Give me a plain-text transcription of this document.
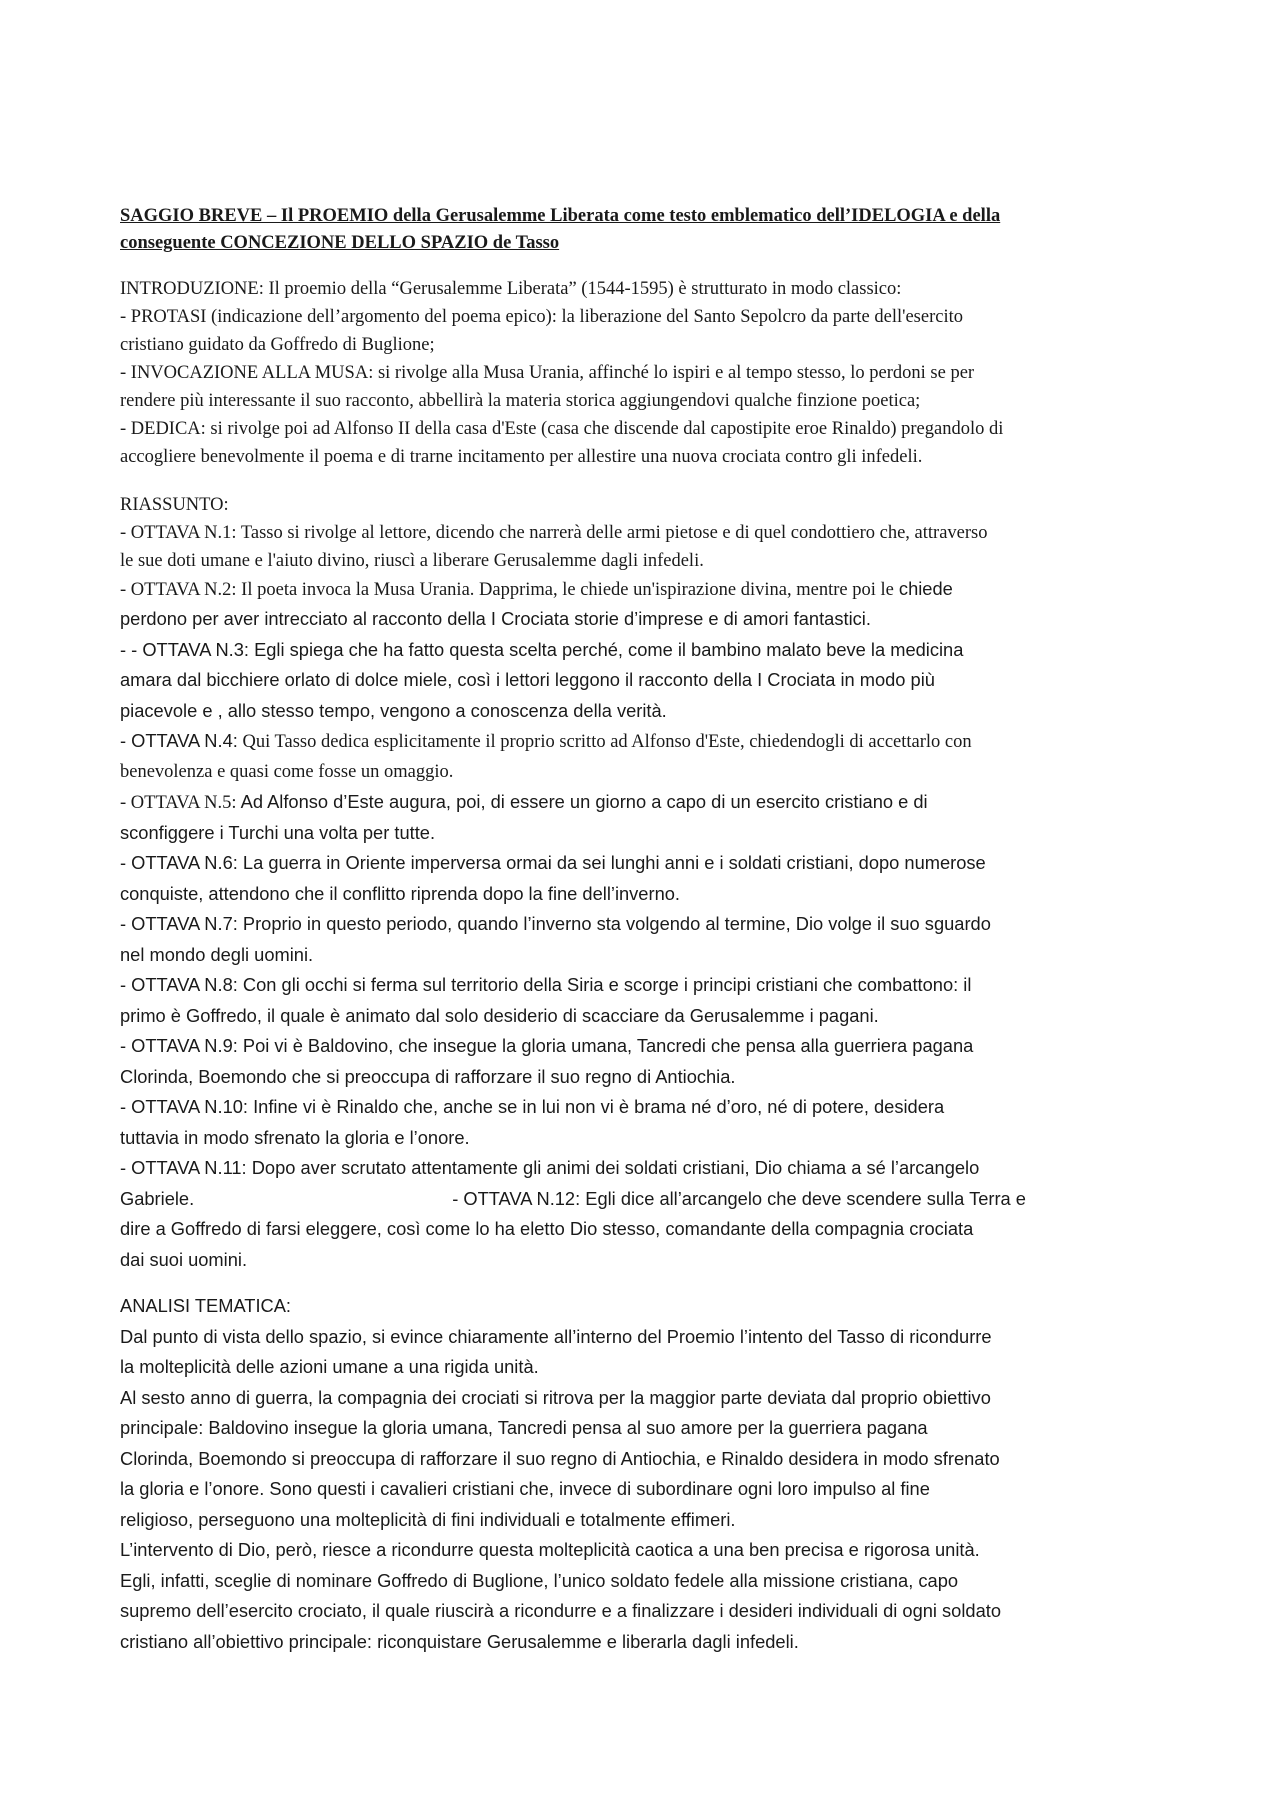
SAGGIO BREVE – Il PROEMIO della Gerusalemme Liberata come testo emblematico dell’IDELOGIA e della
conseguente CONCEZIONE DELLO SPAZIO de Tasso
INTRODUZIONE: Il proemio della “Gerusalemme Liberata” (1544-1595) è strutturato in modo classico:
- PROTASI (indicazione dell’argomento del poema epico): la liberazione del Santo Sepolcro da parte dell'esercito
cristiano guidato da Goffredo di Buglione;
- INVOCAZIONE ALLA MUSA: si rivolge alla Musa Urania, affinché lo ispiri e al tempo stesso, lo perdoni se per
rendere più interessante il suo racconto, abbellirà la materia storica aggiungendovi qualche finzione poetica;
- DEDICA: si rivolge poi ad Alfonso II della casa d'Este (casa che discende dal capostipite eroe Rinaldo) pregandolo di
accogliere benevolmente il poema e di trarne incitamento per allestire una nuova crociata contro gli infedeli.
RIASSUNTO:
- OTTAVA N.1: Tasso si rivolge al lettore, dicendo che narrerà delle armi pietose e di quel condottiero che, attraverso
le sue doti umane e l'aiuto divino, riuscì a liberare Gerusalemme dagli infedeli.
- OTTAVA N.2: Il poeta invoca la Musa Urania. Dapprima, le chiede un'ispirazione divina, mentre poi le chiede
perdono per aver intrecciato al racconto della I Crociata storie d’imprese e di amori fantastici.
- - OTTAVA N.3: Egli spiega che ha fatto questa scelta perché, come il bambino malato beve la medicina
amara dal bicchiere orlato di dolce miele, così i lettori leggono il racconto della I Crociata in modo più
piacevole e , allo stesso tempo, vengono a conoscenza della verità.
- OTTAVA N.4: Qui Tasso dedica esplicitamente il proprio scritto ad Alfonso d'Este, chiedendogli di accettarlo con
benevolenza e quasi come fosse un omaggio.
- OTTAVA N.5: Ad Alfonso d’Este augura, poi, di essere un giorno a capo di un esercito cristiano e di
sconfiggere i Turchi una volta per tutte.
- OTTAVA N.6: La guerra in Oriente imperversa ormai da sei lunghi anni e i soldati cristiani, dopo numerose
conquiste, attendono che il conflitto riprenda dopo la fine dell’inverno.
- OTTAVA N.7: Proprio in questo periodo, quando l’inverno sta volgendo al termine, Dio volge il suo sguardo
nel mondo degli uomini.
- OTTAVA N.8: Con gli occhi si ferma sul territorio della Siria e scorge i principi cristiani che combattono: il
primo è Goffredo, il quale è animato dal solo desiderio di scacciare da Gerusalemme i pagani.
- OTTAVA N.9: Poi vi è Baldovino, che insegue la gloria umana, Tancredi che pensa alla guerriera pagana
Clorinda, Boemondo che si preoccupa di rafforzare il suo regno di Antiochia.
- OTTAVA N.10: Infine vi è Rinaldo che, anche se in lui non vi è brama né d’oro, né di potere, desidera
tuttavia in modo sfrenato la gloria e l’onore.
- OTTAVA N.11: Dopo aver scrutato attentamente gli animi dei soldati cristiani, Dio chiama a sé l’arcangelo
Gabriele.	- OTTAVA N.12: Egli dice all’arcangelo che deve scendere sulla Terra e
dire a Goffredo di farsi eleggere, così come lo ha eletto Dio stesso, comandante della compagnia crociata
dai suoi uomini.
ANALISI TEMATICA:
Dal punto di vista dello spazio, si evince chiaramente all’interno del Proemio l’intento del Tasso di ricondurre
la molteplicità delle azioni umane a una rigida unità.
Al sesto anno di guerra, la compagnia dei crociati si ritrova per la maggior parte deviata dal proprio obiettivo
principale: Baldovino insegue la gloria umana, Tancredi pensa al suo amore per la guerriera pagana
Clorinda, Boemondo si preoccupa di rafforzare il suo regno di Antiochia, e Rinaldo desidera in modo sfrenato
la gloria e l’onore. Sono questi i cavalieri cristiani che, invece di subordinare ogni loro impulso al fine
religioso, perseguono una molteplicità di fini individuali e totalmente effimeri.
L’intervento di Dio, però, riesce a ricondurre questa molteplicità caotica a una ben precisa e rigorosa unità.
Egli, infatti, sceglie di nominare Goffredo di Buglione, l’unico soldato fedele alla missione cristiana, capo
supremo dell’esercito crociato, il quale riuscirà a ricondurre e a finalizzare i desideri individuali di ogni soldato
cristiano all’obiettivo principale: riconquistare Gerusalemme e liberarla dagli infedeli.
